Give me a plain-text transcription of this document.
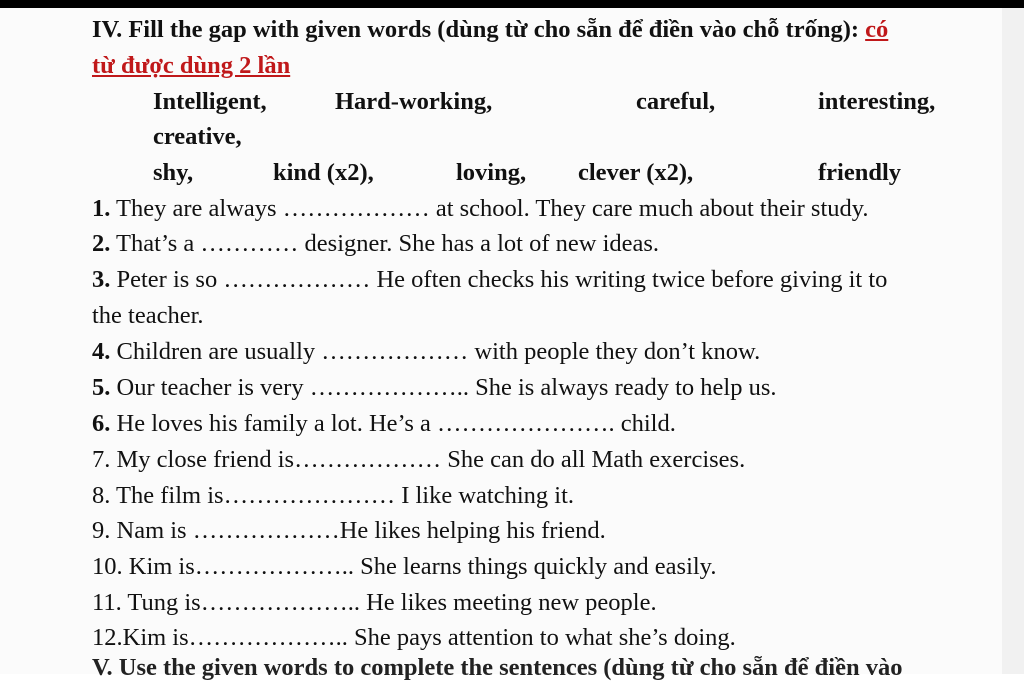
IV. Fill the gap with given words (dùng từ cho sẵn để điền vào chỗ trống): có
từ được dùng 2 lần
Intelligent,	Hard-working,	careful,	interesting,
creative,
shy,	kind (x2),	loving, clever (x2),	friendly
1. They are always ……………… at school. They care much about their study.
2. That’s a ………… designer. She has a lot of new ideas.
3. Peter is so ……………… He often checks his writing twice before giving it to
the teacher.
4. Children are usually ……………… with people they don’t know.
5. Our teacher is very ……………….. She is always ready to help us.
6. He loves his family a lot. He’s a …………………. child.
7. My close friend is……………… She can do all Math exercises.
8. The film is………………… I like watching it.
9. Nam is ………………He likes helping his friend.
10. Kim is……………….. She learns things quickly and easily.
11. Tung is……………….. He likes meeting new people.
12.Kim is……………….. She pays attention to what she’s doing.
V. Use the given words to complete the sentences (dùng từ cho sẵn để điền vào
